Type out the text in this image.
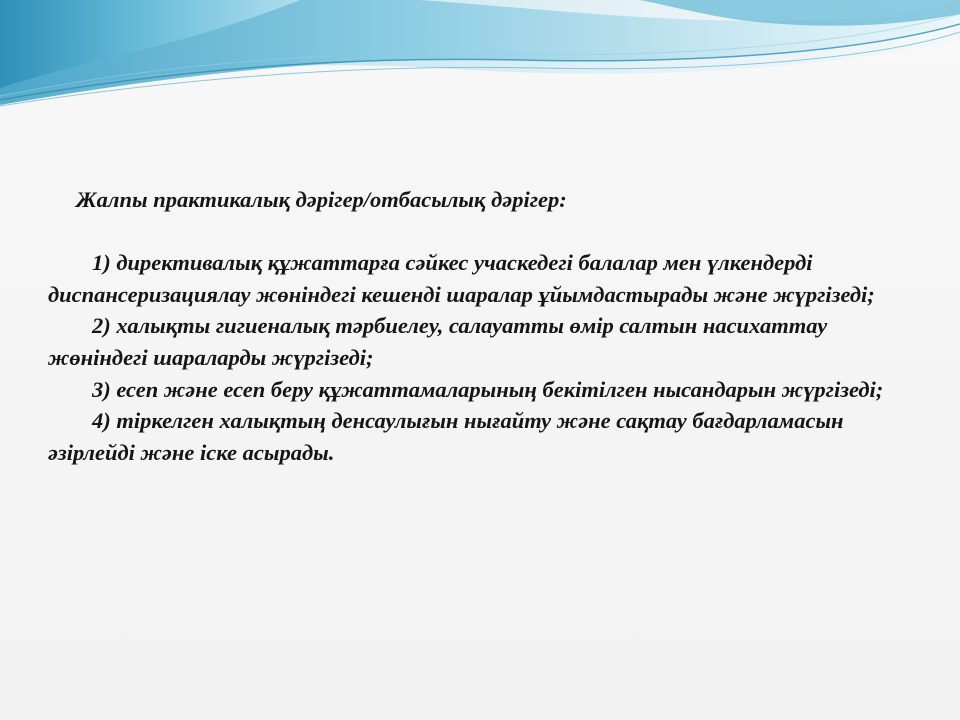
Жалпы практикалық дәрігер/отбасылық дәрігер:

1) директивалық құжаттарға сәйкес учаскедегі балалар мен үлкендерді диспансеризациялау жөніндегі кешенді шаралар ұйымдастырады және жүргізеді;

2) халықты гигиеналық тәрбиелеу, салауатты өмір салтын насихаттау жөніндегі шараларды жүргізеді;

3) есеп және есеп беру құжаттамаларының бекітілген нысандарын жүргізеді;

4) тіркелген халықтың денсаулығын нығайту және сақтау бағдарламасын әзірлейді және іске асырады.
